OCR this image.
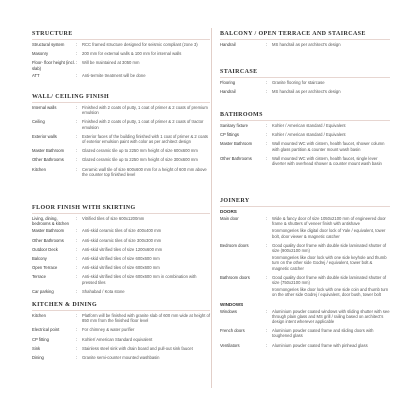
STRUCTURE
Structural system	:	RCC framed structure designed for seismic compliant (zone 3)

Masonry	:	200 mm for external walls & 100 mm for internal walls

Floor- floor height (incl. slab)
:	Will be maintained at 3050 mm

ATT	:	Anti-termite treatment will be done

WALL/ CEILING FINISH
Internal walls	:	Finished with 2 coats of putty, 1 coat of primer & 2 coats of premium emulsion

Ceiling	:	Finished with 2 coats of putty, 1 coat of primer & 2 coats of tractor emulsion

Exterior walls	:	Exterior faces of the building finished with 1 coat of primer & 2 coats of exterior emulsion paint with color as per architect design

Master Bathroom	:	Glazed ceramic tile up to 2250 mm height of size 600x600 mm

Other Bathrooms	:	Glazed ceramic tile up to 2250 mm height of size 300x600 mm

Kitchen	:	Ceramic wall tile of size 600x600 mm for a height of 600 mm above the counter top finished level

FLOOR FINISH WITH SKIRTING
Living, dining, bedrooms & kitchen
:	Vitrified tiles of size 600x1200mm

Master Bathroom	:	Anti-skid ceramic tiles of size 400x400 mm

Other Bathrooms	:	Anti-skid ceramic tiles of size 300x300 mm

Outdoor Deck	:	Anti-skid vitrified tiles of size 1200x600 mm

Balcony	:	Anti-skid vitrified tiles of size 600x600 mm

Open Terrace	:	Anti-skid vitrified tiles of size 600x600 mm

Terrace	:	Anti-skid vitrified tiles of size 600x600 mm in combination with pressed tiles

Car parking	:	Shahabad / Kota stone

KITCHEN & DINING
Kitchen	:	Platform will be finished with granite slab of 600 mm wide at height of 850 mm from the finished floor level

Electrical point	:	For chimney & water purifier

CP fitting	:	Kohler/ American Standard equivalent

Sink	:	Stainless steel sink with drain board and pull-out sink faucet

Dining	:	Granite semi-counter mounted washbasin

BALCONY / OPEN TERRACE AND STAIRCASE
Handrail	:	MS handrail as per architect's design

STAIRCASE
Flooring	:	Granite flooring for staircase

Handrail	:	MS handrail as per architect's design

BATHROOMS
Sanitary fixture	:	Kohler / American standard / Equivalent

CP fittings	:	Kohler / American standard / Equivalent

Master Bathroom	:	Wall mounted WC with cistern, health faucet, shower column with glass partition & counter mount wash basin

Other Bathrooms	:	Wall mounted WC with cistern, health faucet, single lever diverter with overhead shower & counter mount wash basin

JOINERY
DOORS
Main door	:	Wide & fancy door of size 1050x2100 mm of engineered door frame & shutters of veneer finish with antishave

Ironmongeries like digital door lock of Yale / equivalent, tower bolt, door viewer & magnetic catcher

Bedroom doors	:	Good quality door frame with double side laminated shutter of size (900x2100 mm)

Ironmongeries like door lock with one side keyhole and thumb turn on the other side Godrej / equivalent, tower bolt & magnetic catcher

Bathroom doors	:	Good quality door frame with double side laminated shutter of size (750x2100 mm)

Ironmongeries like door lock with one side coin and thumb turn on the other side Godrej / equivalent, door bush, tower bolt

WINDOWS
Windows	:	Aluminium powder coated windows with sliding shutter with see through plain glass and MS grill / railing based on architect's design intent wherever applicable

French doors	:	Aluminium powder coated frame and sliding doors with toughened glass

Ventilators	:	Aluminium powder coated frame with pinhead glass
